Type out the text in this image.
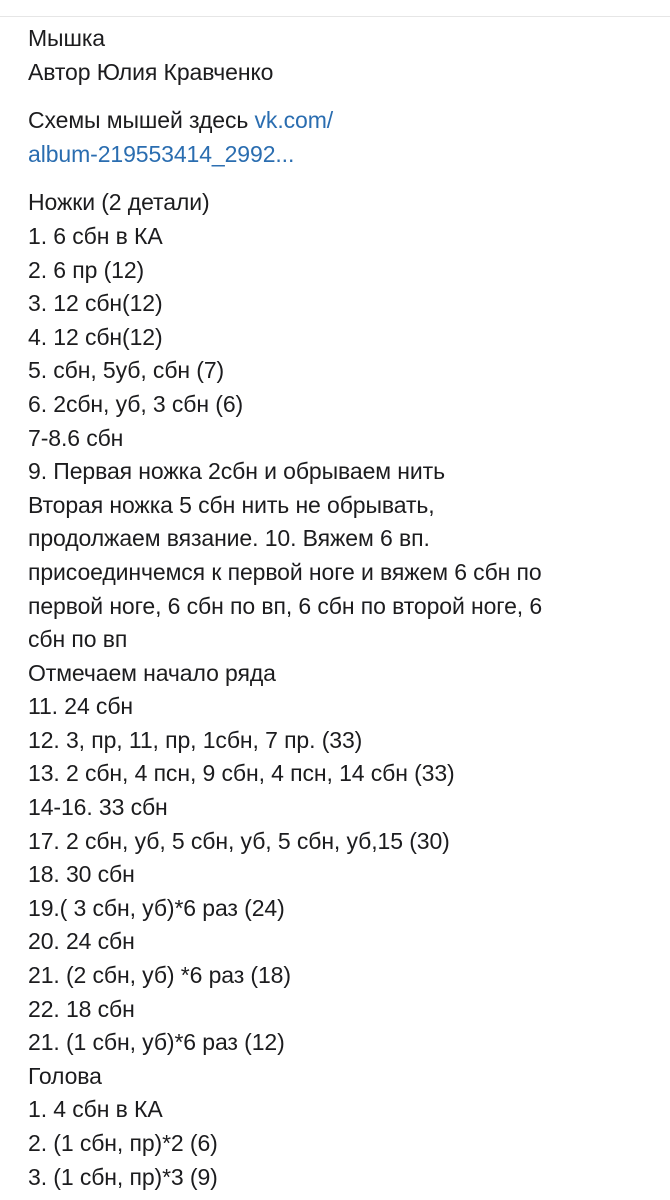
Мышка
Автор Юлия Кравченко
Схемы мышей здесь vk.com/
album-219553414_2992...
Ножки (2 детали)
1. 6 сбн в КА
2. 6 пр (12)
3. 12 сбн(12)
4. 12 сбн(12)
5. сбн, 5уб, сбн (7)
6. 2сбн, уб, 3 сбн (6)
7-8.6 сбн
9. Первая ножка 2сбн и обрываем нить
Вторая ножка 5 сбн нить не обрывать,
продолжаем вязание. 10. Вяжем 6 вп.
присоединчемся к первой ноге и вяжем 6 сбн по
первой ноге, 6 сбн по вп, 6 сбн по второй ноге, 6
сбн по вп
Отмечаем начало ряда
11. 24 сбн
12. 3, пр, 11, пр, 1сбн, 7 пр. (33)
13. 2 сбн, 4 псн, 9 сбн, 4 псн, 14 сбн (33)
14-16. 33 сбн
17. 2 сбн, уб, 5 сбн, уб, 5 сбн, уб,15 (30)
18. 30 сбн
19.( 3 сбн, уб)*6 раз (24)
20. 24 сбн
21. (2 сбн, уб) *6 раз (18)
22. 18 сбн
21. (1 сбн, уб)*6 раз (12)
Голова
1. 4 сбн в КА
2. (1 сбн, пр)*2 (6)
3. (1 сбн, пр)*3 (9)
